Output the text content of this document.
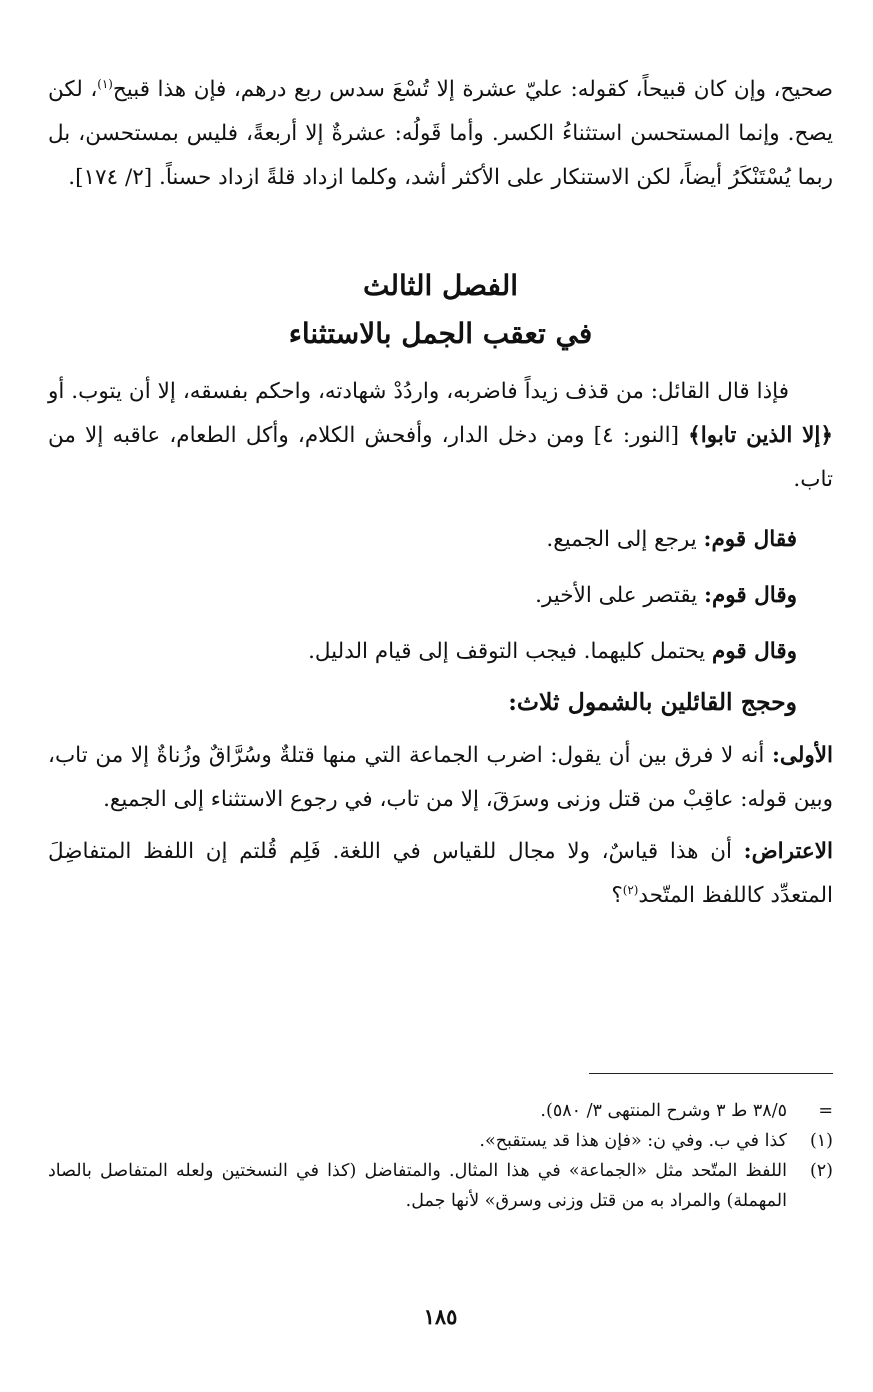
صحيح، وإن كان قبيحاً، كقوله: عليّ عشرة إلا تُسْعَ سدس ربع درهم، فإن هذا قبيح$^{(١)}$، لكن يصح. وإنما المستحسن استثناءُ الكسر. وأما قَولُه: عشرةٌ إلا أربعةً، فليس بمستحسن، بل ربما يُسْتَنْكَرُ أيضاً، لكن الاستنكار على الأكثر أشد، وكلما ازداد قلةً ازداد حسناً. [٢/ ١٧٤].

الفصل الثالث
في تعقب الجمل بالاستثناء

فإذا قال القائل: من قذف زيداً فاضربه، واردُدْ شهادته، واحكم بفسقه، إلا أن يتوب. أو ﴿إلا الذين تابوا﴾ [النور: ٤] ومن دخل الدار، وأفحش الكلام، وأكل الطعام، عاقبه إلا من تاب.

فقال قوم: يرجع إلى الجميع.

وقال قوم: يقتصر على الأخير.

وقال قوم يحتمل كليهما. فيجب التوقف إلى قيام الدليل.

وحجج القائلين بالشمول ثلاث:

الأولى: أنه لا فرق بين أن يقول: اضرب الجماعة التي منها قتلةٌ وسُرَّاقٌ وزُناةٌ إلا من تاب، وبين قوله: عاقِبْ من قتل وزنى وسرَقَ، إلا من تاب، في رجوع الاستثناء إلى الجميع.

الاعتراض: أن هذا قياسٌ، ولا مجال للقياس في اللغة. فَلِم قُلتم إن اللفظ المتفاضِلَ المتعدِّد كاللفظ المتّحد$^{(٢)}$؟

=
٣٨/٥ ط ٣ وشرح المنتهى ٣/ ٥٨٠).
(١)
كذا في ب. وفي ن: «فإن هذا قد يستقبح».
(٢)
اللفظ المتّحد مثل «الجماعة» في هذا المثال. والمتفاضل (كذا في النسختين ولعله المتفاصل بالصاد المهملة) والمراد به من قتل وزنى وسرق» لأنها جمل.
١٨٥
